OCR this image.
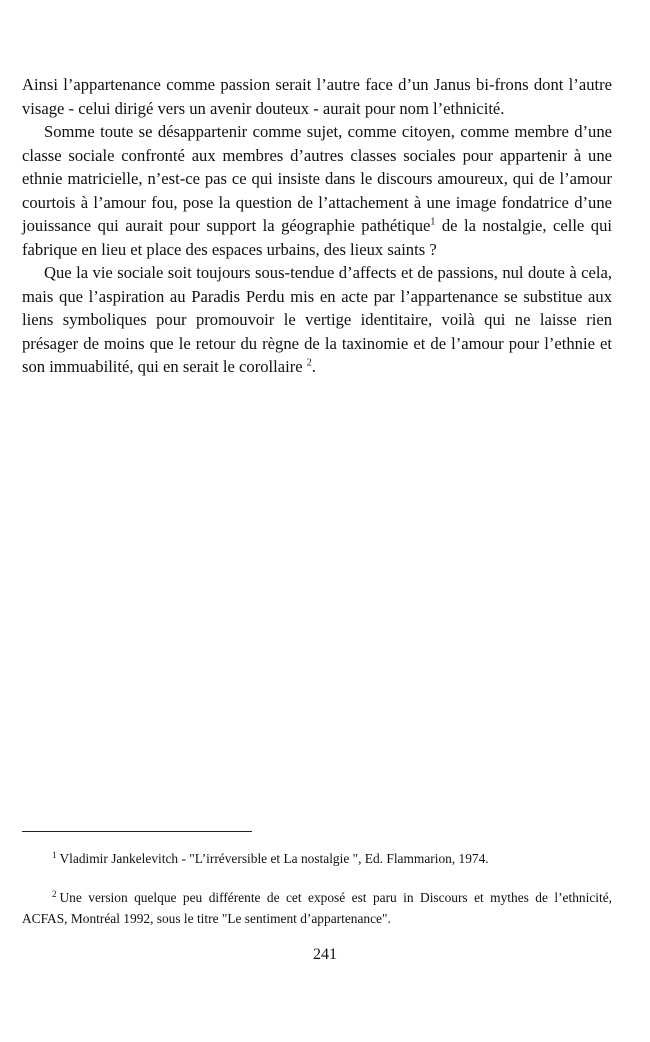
Ainsi l’appartenance comme passion serait l’autre face d’un Janus bi-frons dont l’autre visage - celui dirigé vers un avenir douteux - aurait pour nom l’ethnicité.

Somme toute se désappartenir comme sujet, comme citoyen, comme membre d’une classe sociale confronté aux membres d’autres classes sociales pour appartenir à une ethnie matricielle, n’est-ce pas ce qui insiste dans le discours amoureux, qui de l’amour courtois à l’amour fou, pose la question de l’attachement à une image fondatrice d’une jouissance qui aurait pour support la géographie pathétique$^1$ de la nostalgie, celle qui fabrique en lieu et place des espaces urbains, des lieux saints ?

Que la vie sociale soit toujours sous-tendue d’affects et de passions, nul doute à cela, mais que l’aspiration au Paradis Perdu mis en acte par l’appartenance se substitue aux liens symboliques pour promouvoir le vertige identitaire, voilà qui ne laisse rien présager de moins que le retour du règne de la taxinomie et de l’amour pour l’ethnie et son immuabilité, qui en serait le corollaire $^2$.

$^1$ Vladimir Jankelevitch - "L’irréversible et La nostalgie ", Ed. Flammarion, 1974.

$^2$ Une version quelque peu différente de cet exposé est paru in Discours et mythes de l’ethnicité, ACFAS, Montréal 1992, sous le titre "Le sentiment d’appartenance".

241
